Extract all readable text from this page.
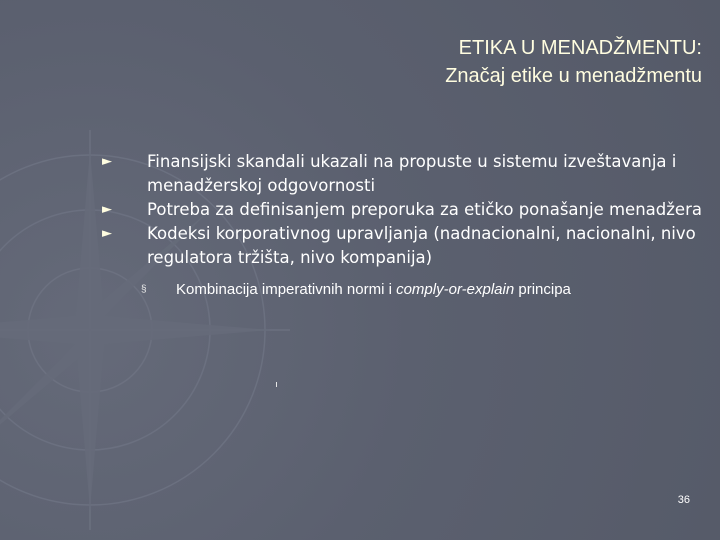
ETIKA U MENADŽMENTU:
Značaj etike u menadžmentu
► Finansijski skandali ukazali na propuste u sistemu izveštavanja i menadžerskoj odgovornosti
► Potreba za definisanjem preporuka za etičko ponašanje menadžera
► Kodeksi korporativnog upravljanja (nadnacionalni, nacionalni, nivo regulatora tržišta, nivo kompanija)
§ Kombinacija imperativnih normi i comply-or-explain principa
36
